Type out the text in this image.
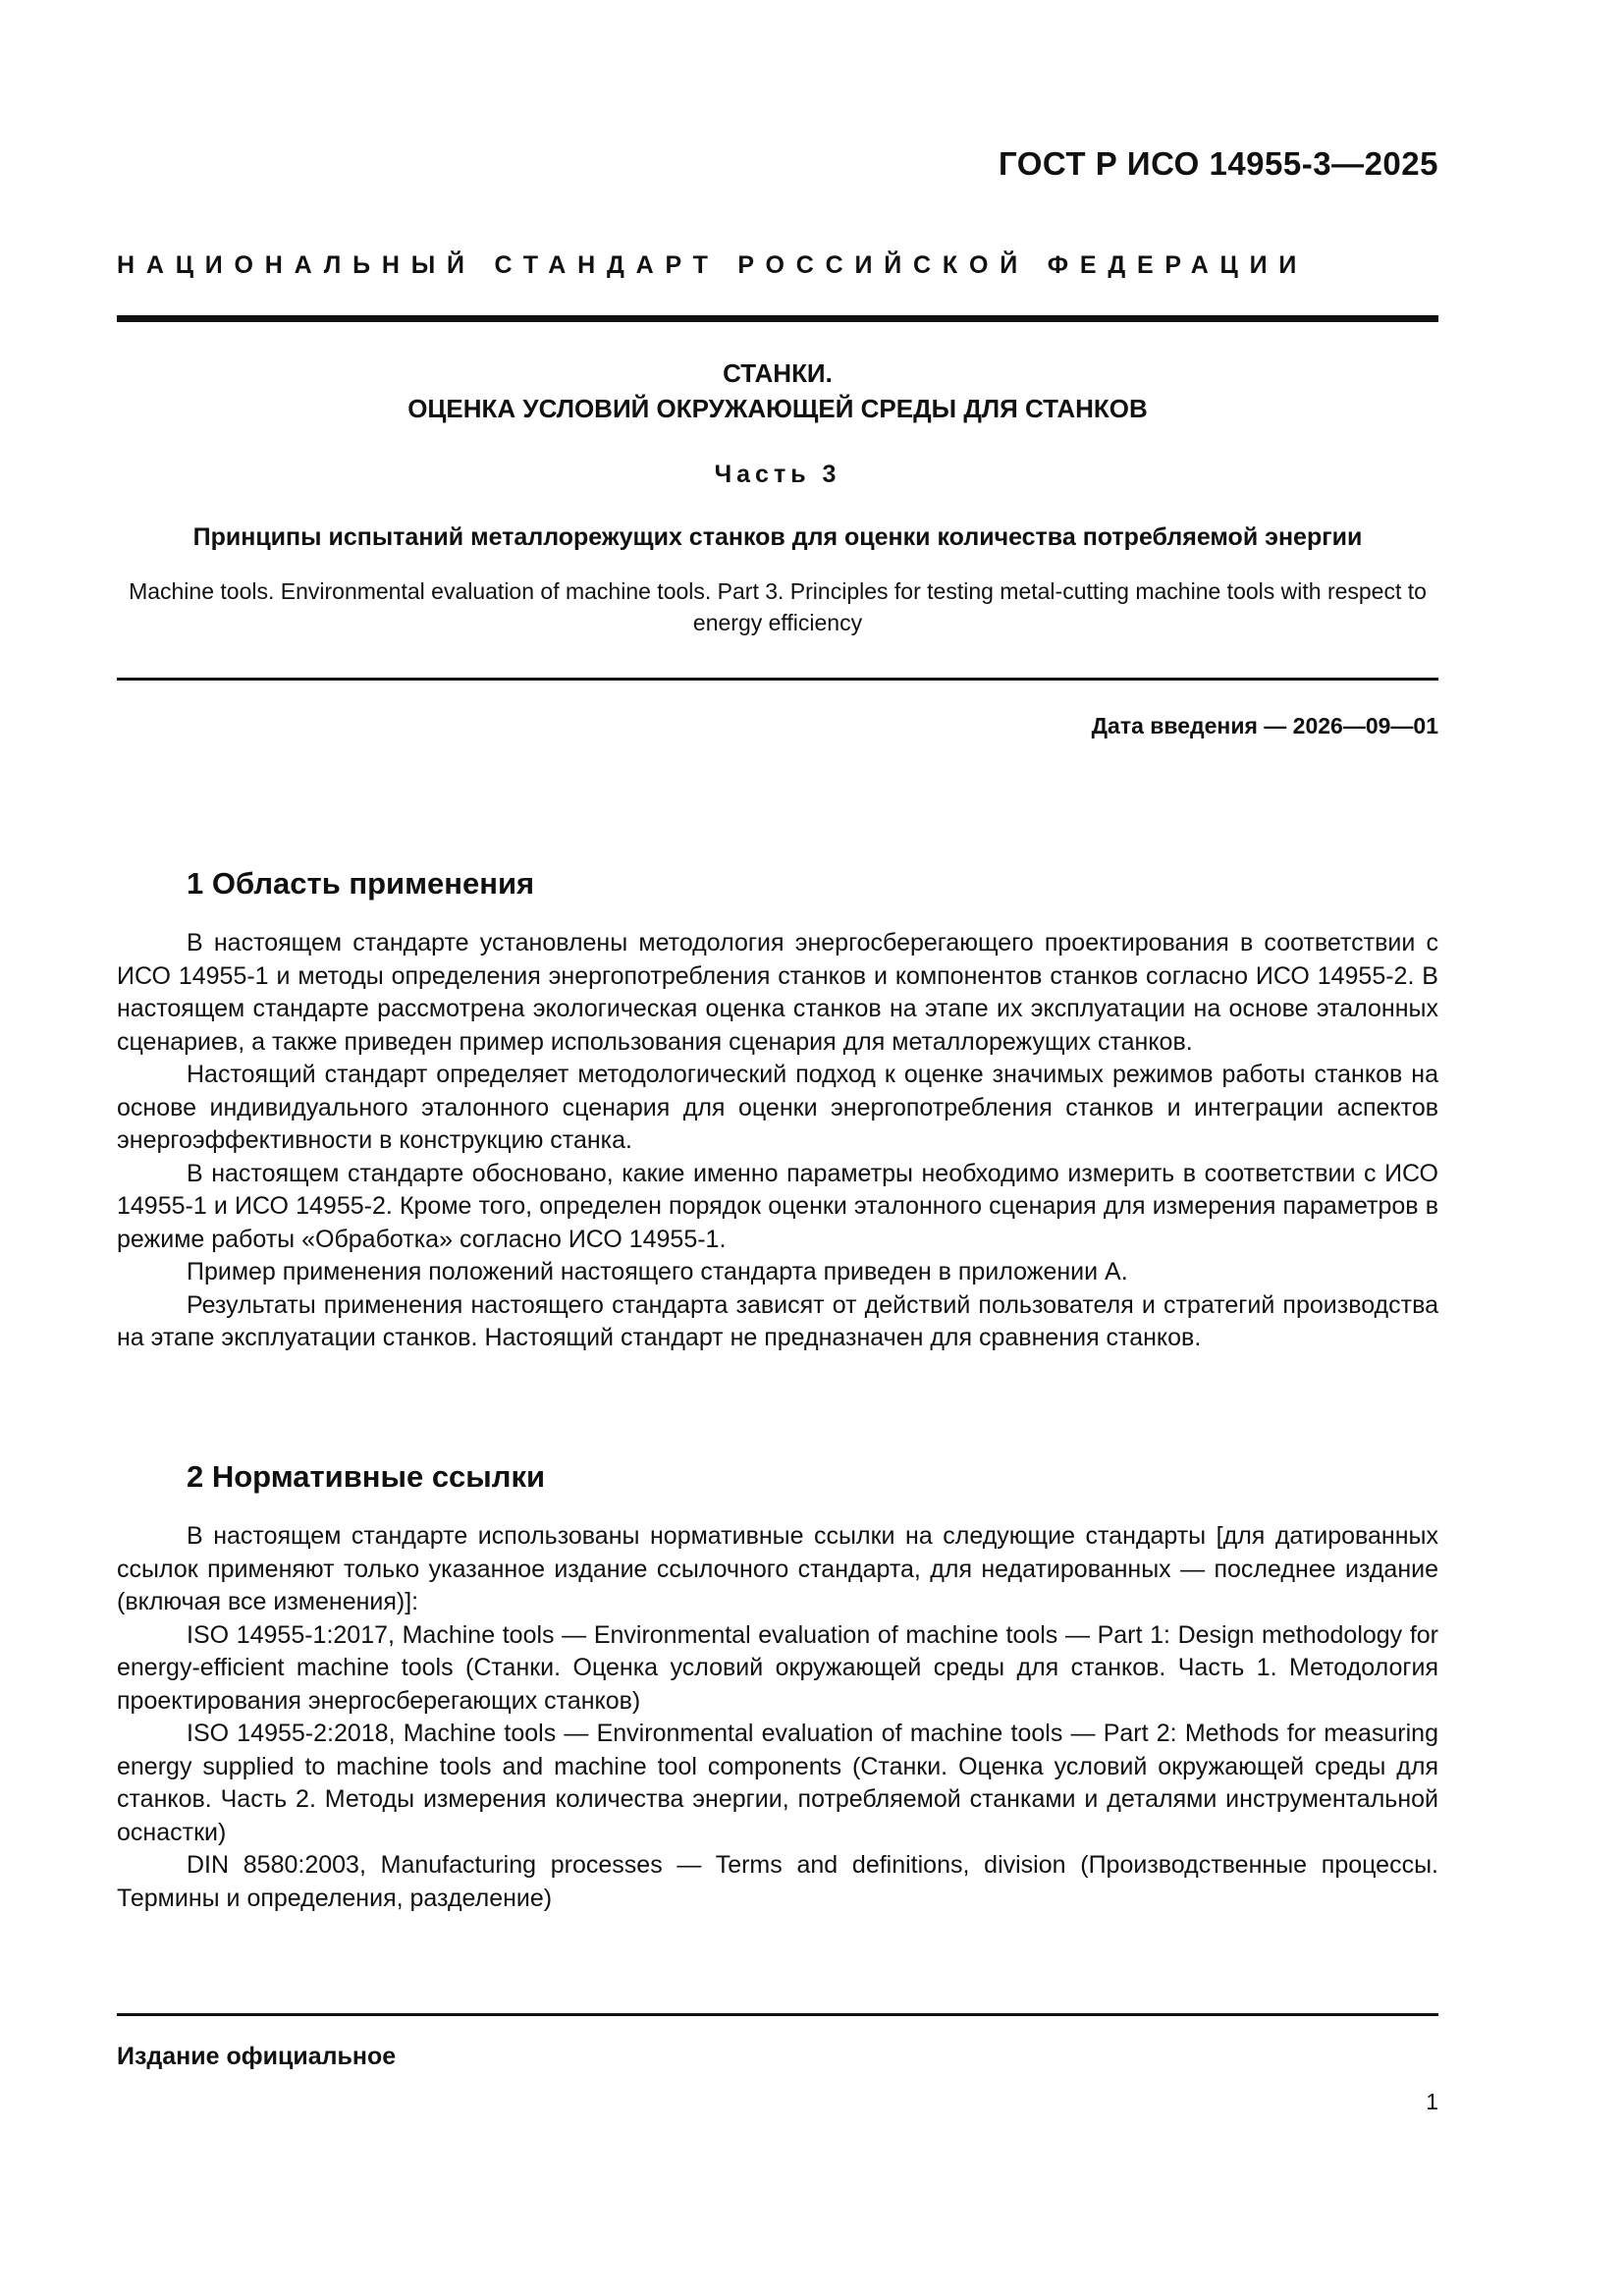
ГОСТ Р ИСО 14955-3—2025
НАЦИОНАЛЬНЫЙ СТАНДАРТ РОССИЙСКОЙ ФЕДЕРАЦИИ
СТАНКИ.
ОЦЕНКА УСЛОВИЙ ОКРУЖАЮЩЕЙ СРЕДЫ ДЛЯ СТАНКОВ
Часть 3
Принципы испытаний металлорежущих станков для оценки количества потребляемой энергии
Machine tools. Environmental evaluation of machine tools. Part 3. Principles for testing metal-cutting machine tools with respect to energy efficiency
Дата введения — 2026—09—01
1 Область применения

В настоящем стандарте установлены методология энергосберегающего проектирования в соответствии с ИСО 14955-1 и методы определения энергопотребления станков и компонентов станков согласно ИСО 14955-2. В настоящем стандарте рассмотрена экологическая оценка станков на этапе их эксплуатации на основе эталонных сценариев, а также приведен пример использования сценария для металлорежущих станков.

Настоящий стандарт определяет методологический подход к оценке значимых режимов работы станков на основе индивидуального эталонного сценария для оценки энергопотребления станков и интеграции аспектов энергоэффективности в конструкцию станка.

В настоящем стандарте обосновано, какие именно параметры необходимо измерить в соответствии с ИСО 14955-1 и ИСО 14955-2. Кроме того, определен порядок оценки эталонного сценария для измерения параметров в режиме работы «Обработка» согласно ИСО 14955-1.

Пример применения положений настоящего стандарта приведен в приложении А.

Результаты применения настоящего стандарта зависят от действий пользователя и стратегий производства на этапе эксплуатации станков. Настоящий стандарт не предназначен для сравнения станков.

2 Нормативные ссылки

В настоящем стандарте использованы нормативные ссылки на следующие стандарты [для датированных ссылок применяют только указанное издание ссылочного стандарта, для недатированных — последнее издание (включая все изменения)]:

ISO 14955-1:2017, Machine tools — Environmental evaluation of machine tools — Part 1: Design methodology for energy-efficient machine tools (Станки. Оценка условий окружающей среды для станков. Часть 1. Методология проектирования энергосберегающих станков)

ISO 14955-2:2018, Machine tools — Environmental evaluation of machine tools — Part 2: Methods for measuring energy supplied to machine tools and machine tool components (Станки. Оценка условий окружающей среды для станков. Часть 2. Методы измерения количества энергии, потребляемой станками и деталями инструментальной оснастки)

DIN 8580:2003, Manufacturing processes — Terms and definitions, division (Производственные процессы. Термины и определения, разделение)

Издание официальное
1
